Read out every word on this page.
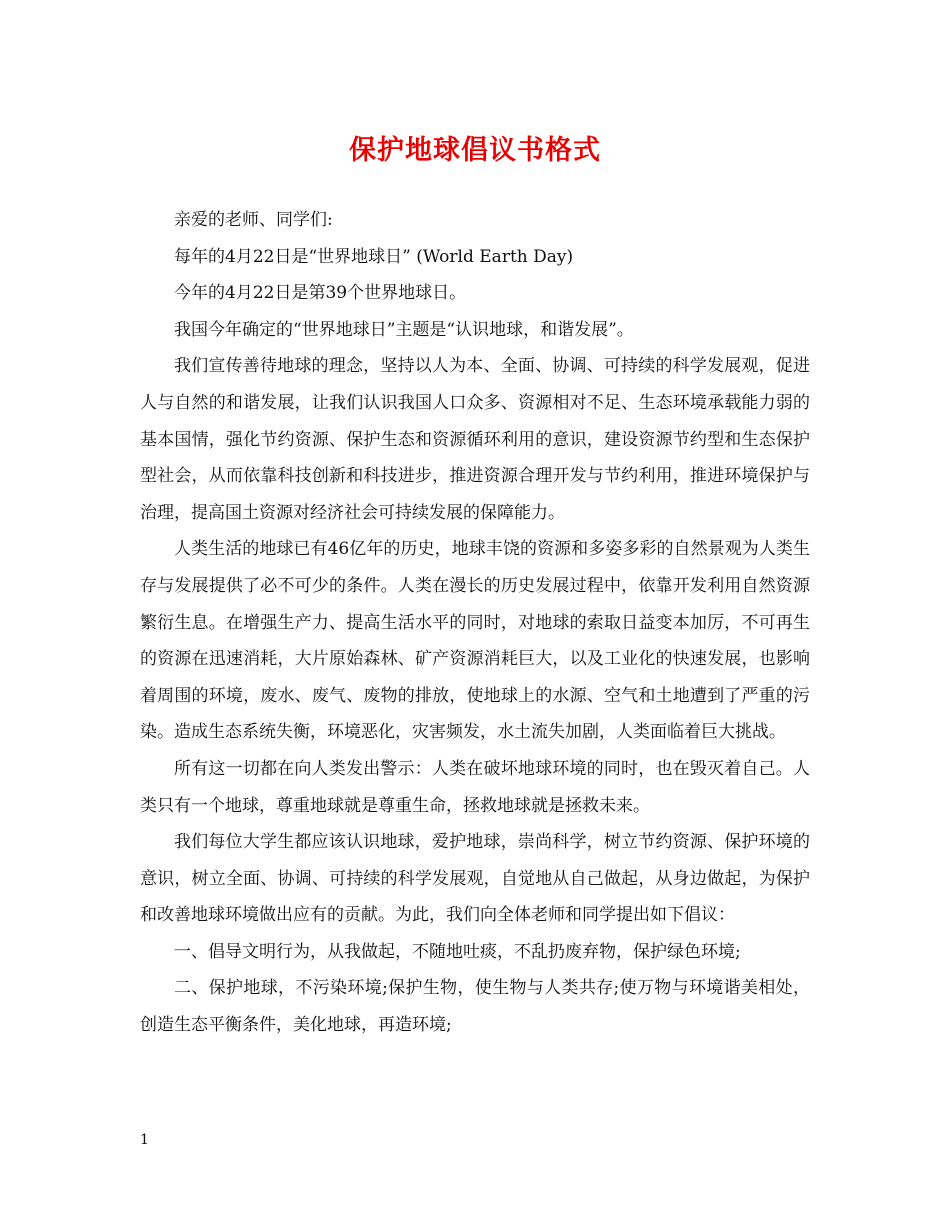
保护地球倡议书格式

亲爱的老师、同学们:

每年的4月22日是“世界地球日” (World Earth Day)

今年的4月22日是第39个世界地球日。

我国今年确定的“世界地球日”主题是“认识地球，和谐发展”。

我们宣传善待地球的理念，坚持以人为本、全面、协调、可持续的科学发展观，促进人与自然的和谐发展，让我们认识我国人口众多、资源相对不足、生态环境承载能力弱的基本国情，强化节约资源、保护生态和资源循环利用的意识，建设资源节约型和生态保护型社会，从而依靠科技创新和科技进步，推进资源合理开发与节约利用，推进环境保护与治理，提高国土资源对经济社会可持续发展的保障能力。

人类生活的地球已有46亿年的历史，地球丰饶的资源和多姿多彩的自然景观为人类生存与发展提供了必不可少的条件。人类在漫长的历史发展过程中，依靠开发利用自然资源繁衍生息。在增强生产力、提高生活水平的同时，对地球的索取日益变本加厉，不可再生的资源在迅速消耗，大片原始森林、矿产资源消耗巨大，以及工业化的快速发展，也影响着周围的环境，废水、废气、废物的排放，使地球上的水源、空气和土地遭到了严重的污染。造成生态系统失衡，环境恶化，灾害频发，水土流失加剧，人类面临着巨大挑战。

所有这一切都在向人类发出警示：人类在破坏地球环境的同时，也在毁灭着自己。人类只有一个地球，尊重地球就是尊重生命，拯救地球就是拯救未来。

我们每位大学生都应该认识地球，爱护地球，崇尚科学，树立节约资源、保护环境的意识，树立全面、协调、可持续的科学发展观，自觉地从自己做起，从身边做起，为保护和改善地球环境做出应有的贡献。为此，我们向全体老师和同学提出如下倡议：

一、倡导文明行为，从我做起，不随地吐痰，不乱扔废弃物，保护绿色环境;

二、保护地球，不污染环境;保护生物，使生物与人类共存;使万物与环境谐美相处，创造生态平衡条件，美化地球，再造环境;

1
